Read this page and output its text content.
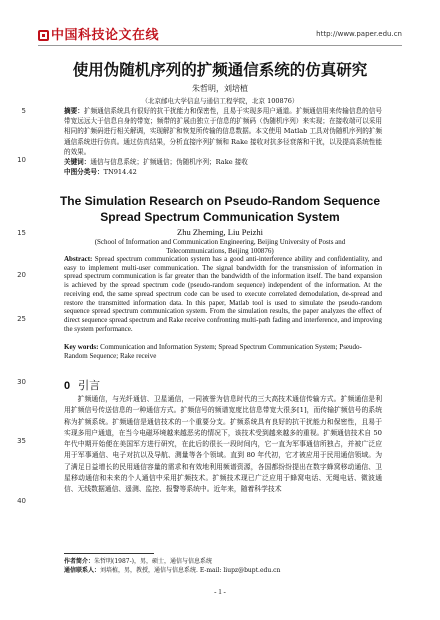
中国科技论文在线	http://www.paper.edu.cn
5
10
15
20
25
30
35
40
使用伪随机序列的扩频通信系统的仿真研究
朱哲明，刘培植
（北京邮电大学信息与通信工程学院，北京 100876）
摘要：扩频通信系统具有很好的抗干扰能力和保密性，且易于实现多用户通道。扩频通信用来传输信息的信号带宽远远大于信息自身的带宽；频带的扩展由独立于信息的扩频码（伪随机序列）来实现；在接收端可以采用相同的扩频码进行相关解调，实现解扩和恢复所传输的信息数据。本文使用 Matlab 工具对伪随机序列的扩频通信系统进行仿真。通过仿真结果，分析直接序列扩频和 Rake 接收对抗多径衰落和干扰，以及提高系统性能的效果。
关键词：通信与信息系统；扩频通信；伪随机序列；Rake 接收
中图分类号：TN914.42
The Simulation Research on Pseudo-Random Sequence
Spread Spectrum Communication System
Zhu Zheming, Liu Peizhi
(School of Information and Communication Engineering, Beijing University of Posts and
Telecommunications, Beijing 100876)
Abstract: Spread spectrum communication system has a good anti-interference ability and confidentiality, and easy to implement multi-user communication. The signal bandwidth for the transmission of information in spread spectrum communication is far greater than the bandwidth of the information itself. The band expansion is achieved by the spread spectrum code (pseudo-random sequence) independent of the information. At the receiving end, the same spread spectrum code can be used to execute correlated demodulation, de-spread and restore the transmitted information data. In this paper, Matlab tool is used to simulate the pseudo-random sequence spread spectrum communication system. From the simulation results, the paper analyzes the effect of direct sequence spread spectrum and Rake receive confronting multi-path fading and interference, and improving the system performance.
Key words: Communication and Information System; Spread Spectrum Communication System; Pseudo-Random Sequence; Rake receive
0 引言

扩频通信，与光纤通信、卫星通信，一同被誉为信息时代的三大高技术通信传输方式。扩频通信是利用扩频信号传送信息的一种通信方式。扩频信号的频谱宽度比信息带宽大很多[1]，而传输扩频信号的系统称为扩频系统。扩频通信是通信技术的一个重要分支。扩频系统具有良好的抗干扰能力和保密性，且易于实现多用户通道，在当今电磁环境越来越恶劣的情况下，该技术受到越来越多的重视。扩频通信技术自 50 年代中期开始便在美国军方进行研究，在此后的很长一段时间内，它一直为军事通信所独占，并被广泛应用于军事通信、电子对抗以及导航、测量等各个领域。直到 80 年代初，它才被应用于民用通信领域。为了满足日益增长的民用通信容量的需求和有效地利用频谱资源，各国都纷纷提出在数字蜂窝移动通信、卫星移动通信和未来的个人通信中采用扩频技术。扩频技术现已广泛应用于蜂窝电话、无绳电话、微波通信、无线数据通信、遥测、监控、报警等系统中。近年来，随着科学技术

作者简介：朱哲明(1987-)，男，硕士，通信与信息系统
通信联系人：刘培植，男，教授，通信与信息系统. E-mail: liupz@bupt.edu.cn
- 1 -
